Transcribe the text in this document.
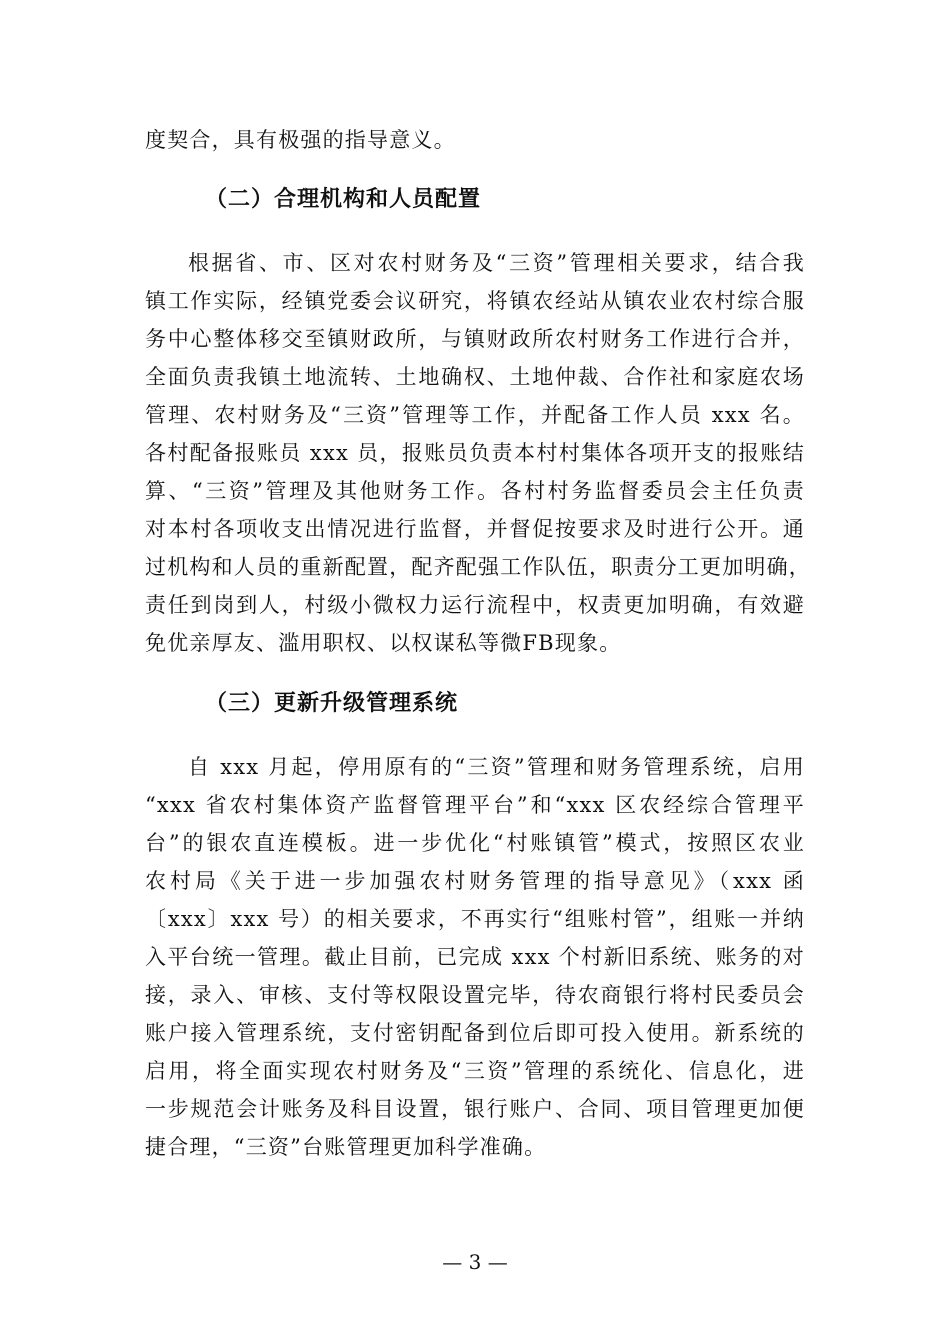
度契合，具有极强的指导意义。
（二）合理机构和人员配置
根据省、市、区对农村财务及“三资”管理相关要求，结合我
镇工作实际，经镇党委会议研究，将镇农经站从镇农业农村综合服
务中心整体移交至镇财政所，与镇财政所农村财务工作进行合并，
全面负责我镇土地流转、土地确权、土地仲裁、合作社和家庭农场
管理、农村财务及“三资”管理等工作，并配备工作人员 xxx 名。
各村配备报账员 xxx 员，报账员负责本村村集体各项开支的报账结
算、“三资”管理及其他财务工作。各村村务监督委员会主任负责
对本村各项收支出情况进行监督，并督促按要求及时进行公开。通
过机构和人员的重新配置，配齐配强工作队伍，职责分工更加明确，
责任到岗到人，村级小微权力运行流程中，权责更加明确，有效避
免优亲厚友、滥用职权、以权谋私等微FB现象。
（三）更新升级管理系统
自 xxx 月起，停用原有的“三资”管理和财务管理系统，启用
“xxx 省农村集体资产监督管理平台”和“xxx 区农经综合管理平
台”的银农直连模板。进一步优化“村账镇管”模式，按照区农业
农村局《关于进一步加强农村财务管理的指导意见》（xxx 函
〔xxx〕xxx 号）的相关要求，不再实行“组账村管”，组账一并纳
入平台统一管理。截止目前，已完成 xxx 个村新旧系统、账务的对
接，录入、审核、支付等权限设置完毕，待农商银行将村民委员会
账户接入管理系统，支付密钥配备到位后即可投入使用。新系统的
启用，将全面实现农村财务及“三资”管理的系统化、信息化，进
一步规范会计账务及科目设置，银行账户、合同、项目管理更加便
捷合理，“三资”台账管理更加科学准确。
— 3 —
